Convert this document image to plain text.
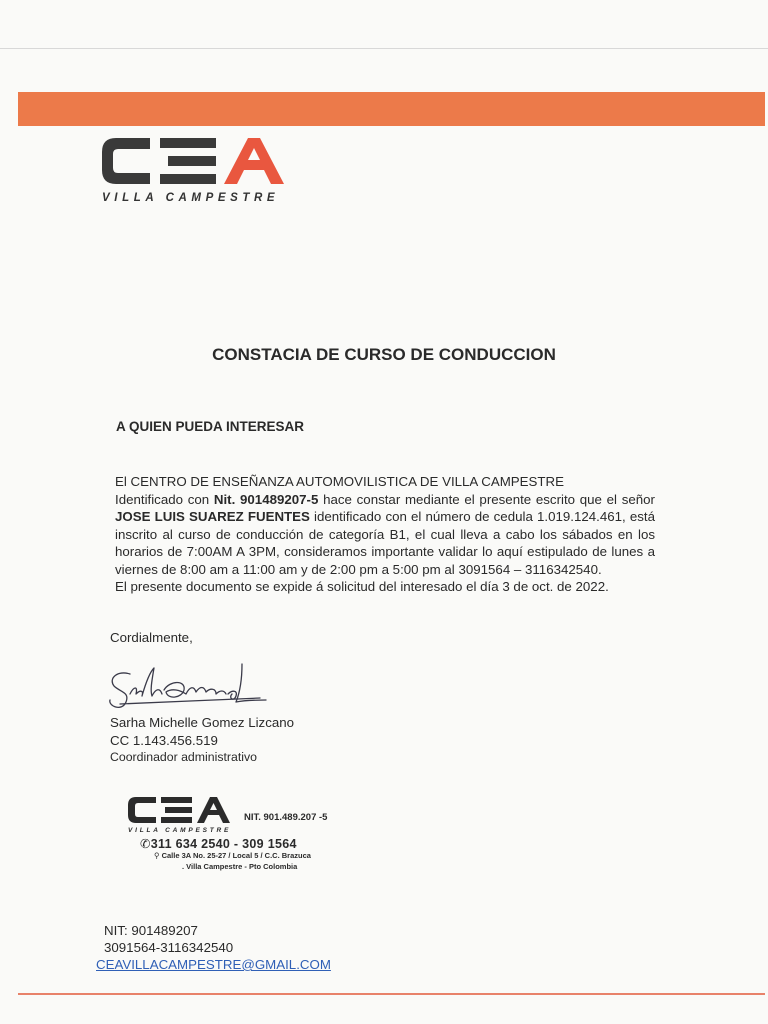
VILLA CAMPESTRE
CONSTACIA DE CURSO DE CONDUCCION
A QUIEN PUEDA INTERESAR

El CENTRO DE ENSEÑANZA AUTOMOVILISTICA DE VILLA CAMPESTRE

Identificado con Nit. 901489207-5 hace constar mediante el presente escrito que el señor JOSE LUIS SUAREZ FUENTES identificado con el número de cedula 1.019.124.461, está inscrito al curso de conducción de categoría B1, el cual lleva a cabo los sábados en los horarios de 7:00AM A 3PM, consideramos importante validar lo aquí estipulado de lunes a viernes de 8:00 am a 11:00 am y de 2:00 pm a 5:00 pm al 3091564 – 3116342540.

El presente documento se expide á solicitud del interesado el día 3 de oct. de 2022.

Cordialmente,
Sarha Michelle Gomez Lizcano
CC 1.143.456.519
Coordinador administrativo
VILLA CAMPESTRE
NIT. 901.489.207 -5
✆311 634 2540 - 309 1564
⚲ Calle 3A No. 25-27 / Local 5 / C.C. Brazuca
. Villa Campestre - Pto Colombia
NIT: 901489207
3091564-3116342540
CEAVILLACAMPESTRE@GMAIL.COM
